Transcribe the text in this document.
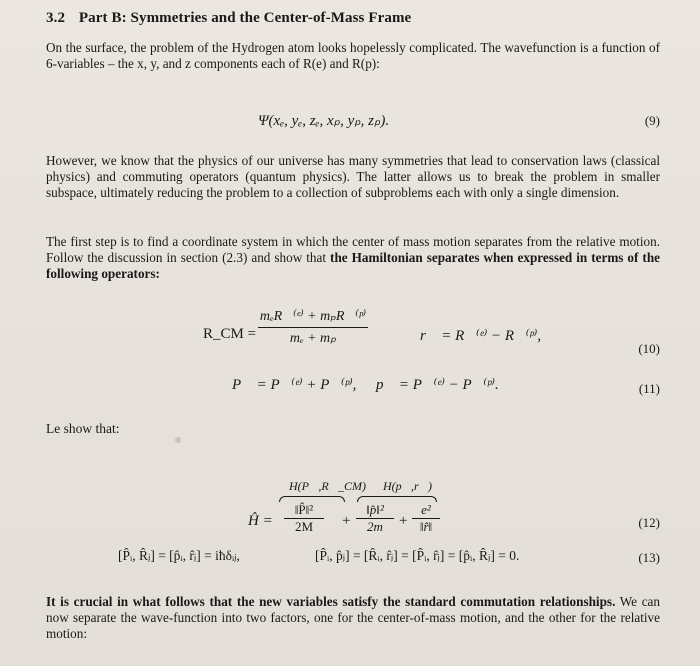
3.2 Part B: Symmetries and the Center-of-Mass Frame
On the surface, the problem of the Hydrogen atom looks hopelessly complicated. The wavefunction is a function of 6-variables – the x, y, and z components each of R(e) and R(p):
Ψ(xₑ, yₑ, zₑ, xₚ, yₚ, zₚ).	(9)
However, we know that the physics of our universe has many symmetries that lead to conservation laws (classical physics) and commuting operators (quantum physics). The latter allows us to break the problem in smaller subspace, ultimately reducing the problem to a collection of subproblems each with only a single dimension.
The first step is to find a coordinate system in which the center of mass motion separates from the relative motion. Follow the discussion in section (2.3) and show that the Hamiltonian separates when expressed in terms of the following operators:
R_CM =
mₑR⃗⁽ᵉ⁾ + mₚR⃗⁽ᵖ⁾
mₑ + mₚ	r⃗ = R⃗⁽ᵉ⁾ − R⃗⁽ᵖ⁾,
(10)
P⃗ = P⃗⁽ᵉ⁾ + P⃗⁽ᵖ⁾, p⃗ = P⃗⁽ᵉ⁾ − P⃗⁽ᵖ⁾.	(11)
Le show that:
H(P⃗,R⃗_CM) H(p⃗,r⃗)
Ĥ = $\frac{\text{‖P̂‖²}}{2M} + \frac{\text{‖p̂‖²}}{2m} + \frac{\text{e²}}{‖r̂‖}$	(12)
[P̂ᵢ, R̂ⱼ] = [p̂ᵢ, r̂ⱼ] = iħδᵢⱼ,	[P̂ᵢ, p̂ⱼ] = [R̂ᵢ, r̂ⱼ] = [P̂ᵢ, r̂ⱼ] = [p̂ᵢ, R̂ⱼ] = 0.	(13)
It is crucial in what follows that the new variables satisfy the standard commutation relationships. We can now separate the wave-function into two factors, one for the center-of-mass motion, and the other for the relative motion:
